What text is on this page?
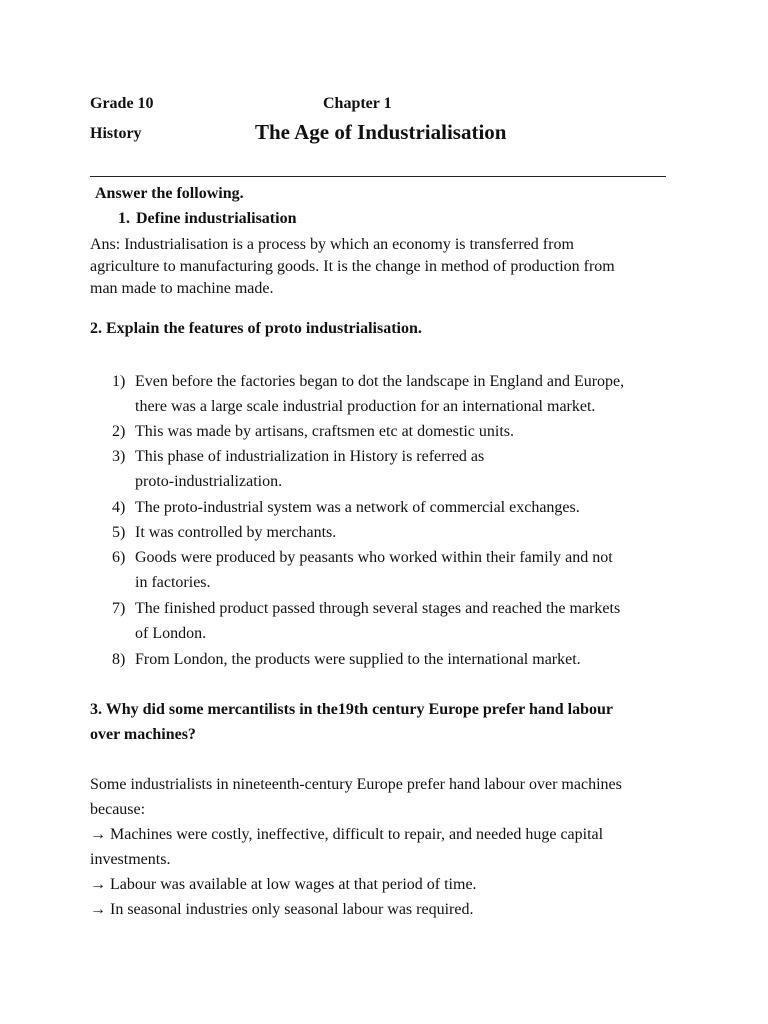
Grade 10	Chapter 1
History	The Age of Industrialisation
Answer the following.
1. Define industrialisation
Ans: Industrialisation is a process by which an economy is transferred from
agriculture to manufacturing goods. It is the change in method of production from
man made to machine made.
2. Explain the features of proto industrialisation.
1) Even before the factories began to dot the landscape in England and Europe,
there was a large scale industrial production for an international market.
2) This was made by artisans, craftsmen etc at domestic units.
3) This phase of industrialization in History is referred as
proto-industrialization.
4) The proto-industrial system was a network of commercial exchanges.
5) It was controlled by merchants.
6) Goods were produced by peasants who worked within their family and not
in factories.
7) The finished product passed through several stages and reached the markets
of London.
8) From London, the products were supplied to the international market.
3. Why did some mercantilists in the19th century Europe prefer hand labour
over machines?
Some industrialists in nineteenth-century Europe prefer hand labour over machines
because:
→ Machines were costly, ineffective, difficult to repair, and needed huge capital
investments.
→ Labour was available at low wages at that period of time.
→ In seasonal industries only seasonal labour was required.
